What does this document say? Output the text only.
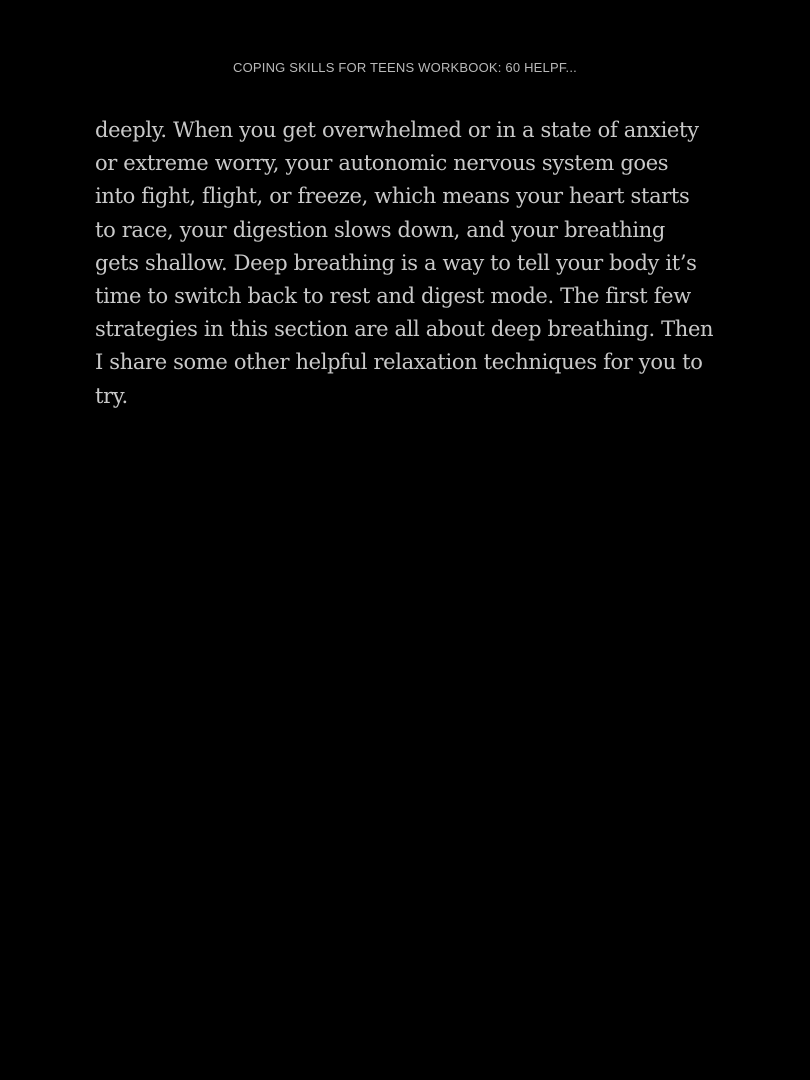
COPING SKILLS FOR TEENS WORKBOOK: 60 HELPF...
deeply. When you get overwhelmed or in a state of anxiety
or extreme worry, your autonomic nervous system goes
into fight, flight, or freeze, which means your heart starts
to race, your digestion slows down, and your breathing
gets shallow. Deep breathing is a way to tell your body it’s
time to switch back to rest and digest mode. The first few
strategies in this section are all about deep breathing. Then
I share some other helpful relaxation techniques for you to
try.
